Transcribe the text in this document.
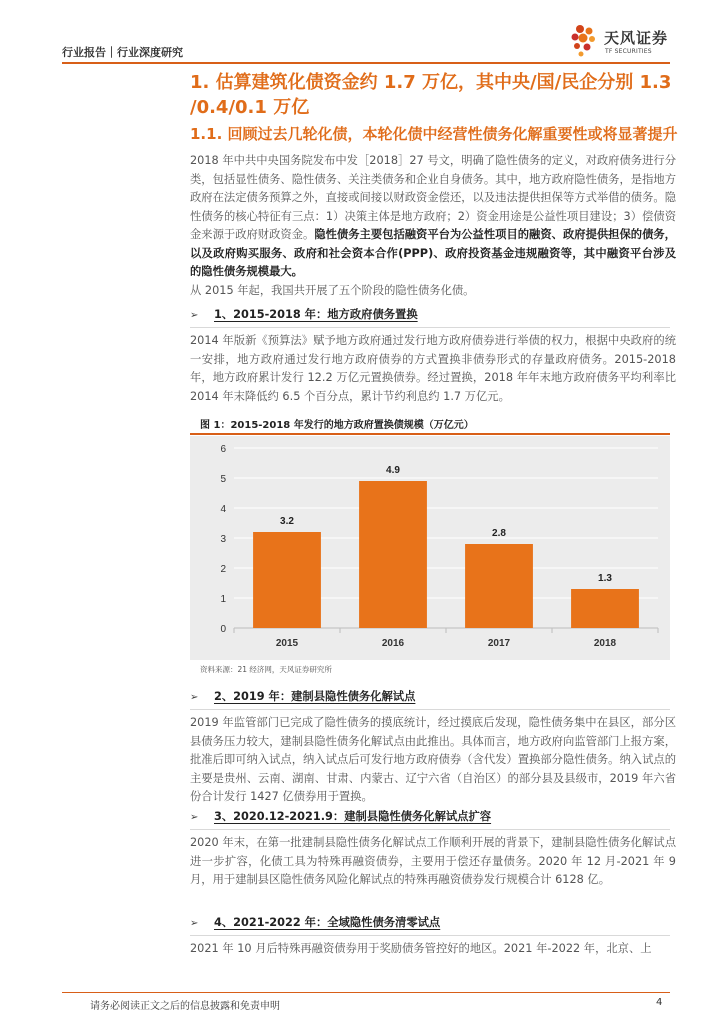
行业报告｜行业深度研究
天风证券
TF SECURITIES
1. 估算建筑化债资金约 1.7 万亿，其中央/国/民企分别 1.3 /0.4/0.1 万亿
1.1. 回顾过去几轮化债，本轮化债中经营性债务化解重要性或将显著提升
2018 年中共中央国务院发布中发［2018］27 号文，明确了隐性债务的定义，对政府债务进行分类，包括显性债务、隐性债务、关注类债务和企业自身债务。其中，地方政府隐性债务，是指地方政府在法定债务预算之外，直接或间接以财政资金偿还，以及违法提供担保等方式举借的债务。隐性债务的核心特征有三点：1）决策主体是地方政府；2）资金用途是公益性项目建设；3）偿债资金来源于政府财政资金。隐性债务主要包括融资平台为公益性项目的融资、政府提供担保的债务，以及政府购买服务、政府和社会资本合作(PPP)、政府投资基金违规融资等，其中融资平台涉及的隐性债务规模最大。
从 2015 年起，我国共开展了五个阶段的隐性债务化债。
➢ 1、2015-2018 年：地方政府债务置换
2014 年版新《预算法》赋予地方政府通过发行地方政府债券进行举债的权力，根据中央政府的统一安排，地方政府通过发行地方政府债券的方式置换非债券形式的存量政府债务。2015-2018 年，地方政府累计发行 12.2 万亿元置换债券。经过置换，2018 年年末地方政府债务平均利率比 2014 年末降低约 6.5 个百分点，累计节约利息约 1.7 万亿元。
图 1：2015-2018 年发行的地方政府置换债规模（万亿元）
0
1
2
3
4
5
6
3.2
2015
4.9
2016
2.8
2017
1.3
2018
资料来源：21 经济网，天风证券研究所
➢ 2、2019 年：建制县隐性债务化解试点
2019 年监管部门已完成了隐性债务的摸底统计，经过摸底后发现，隐性债务集中在县区，部分区县债务压力较大，建制县隐性债务化解试点由此推出。具体而言，地方政府向监管部门上报方案，批准后即可纳入试点，纳入试点后可发行地方政府债券（含代发）置换部分隐性债务。纳入试点的主要是贵州、云南、湖南、甘肃、内蒙古、辽宁六省（自治区）的部分县及县级市，2019 年六省份合计发行 1427 亿债券用于置换。
➢ 3、2020.12-2021.9：建制县隐性债务化解试点扩容
2020 年末，在第一批建制县隐性债务化解试点工作顺利开展的背景下，建制县隐性债务化解试点进一步扩容，化债工具为特殊再融资债券，主要用于偿还存量债务。2020 年 12 月-2021 年 9 月，用于建制县区隐性债务风险化解试点的特殊再融资债券发行规模合计 6128 亿。
➢ 4、2021-2022 年：全域隐性债务清零试点
2021 年 10 月后特殊再融资债券用于奖励债务管控好的地区。2021 年-2022 年，北京、上
请务必阅读正文之后的信息披露和免责申明	4
